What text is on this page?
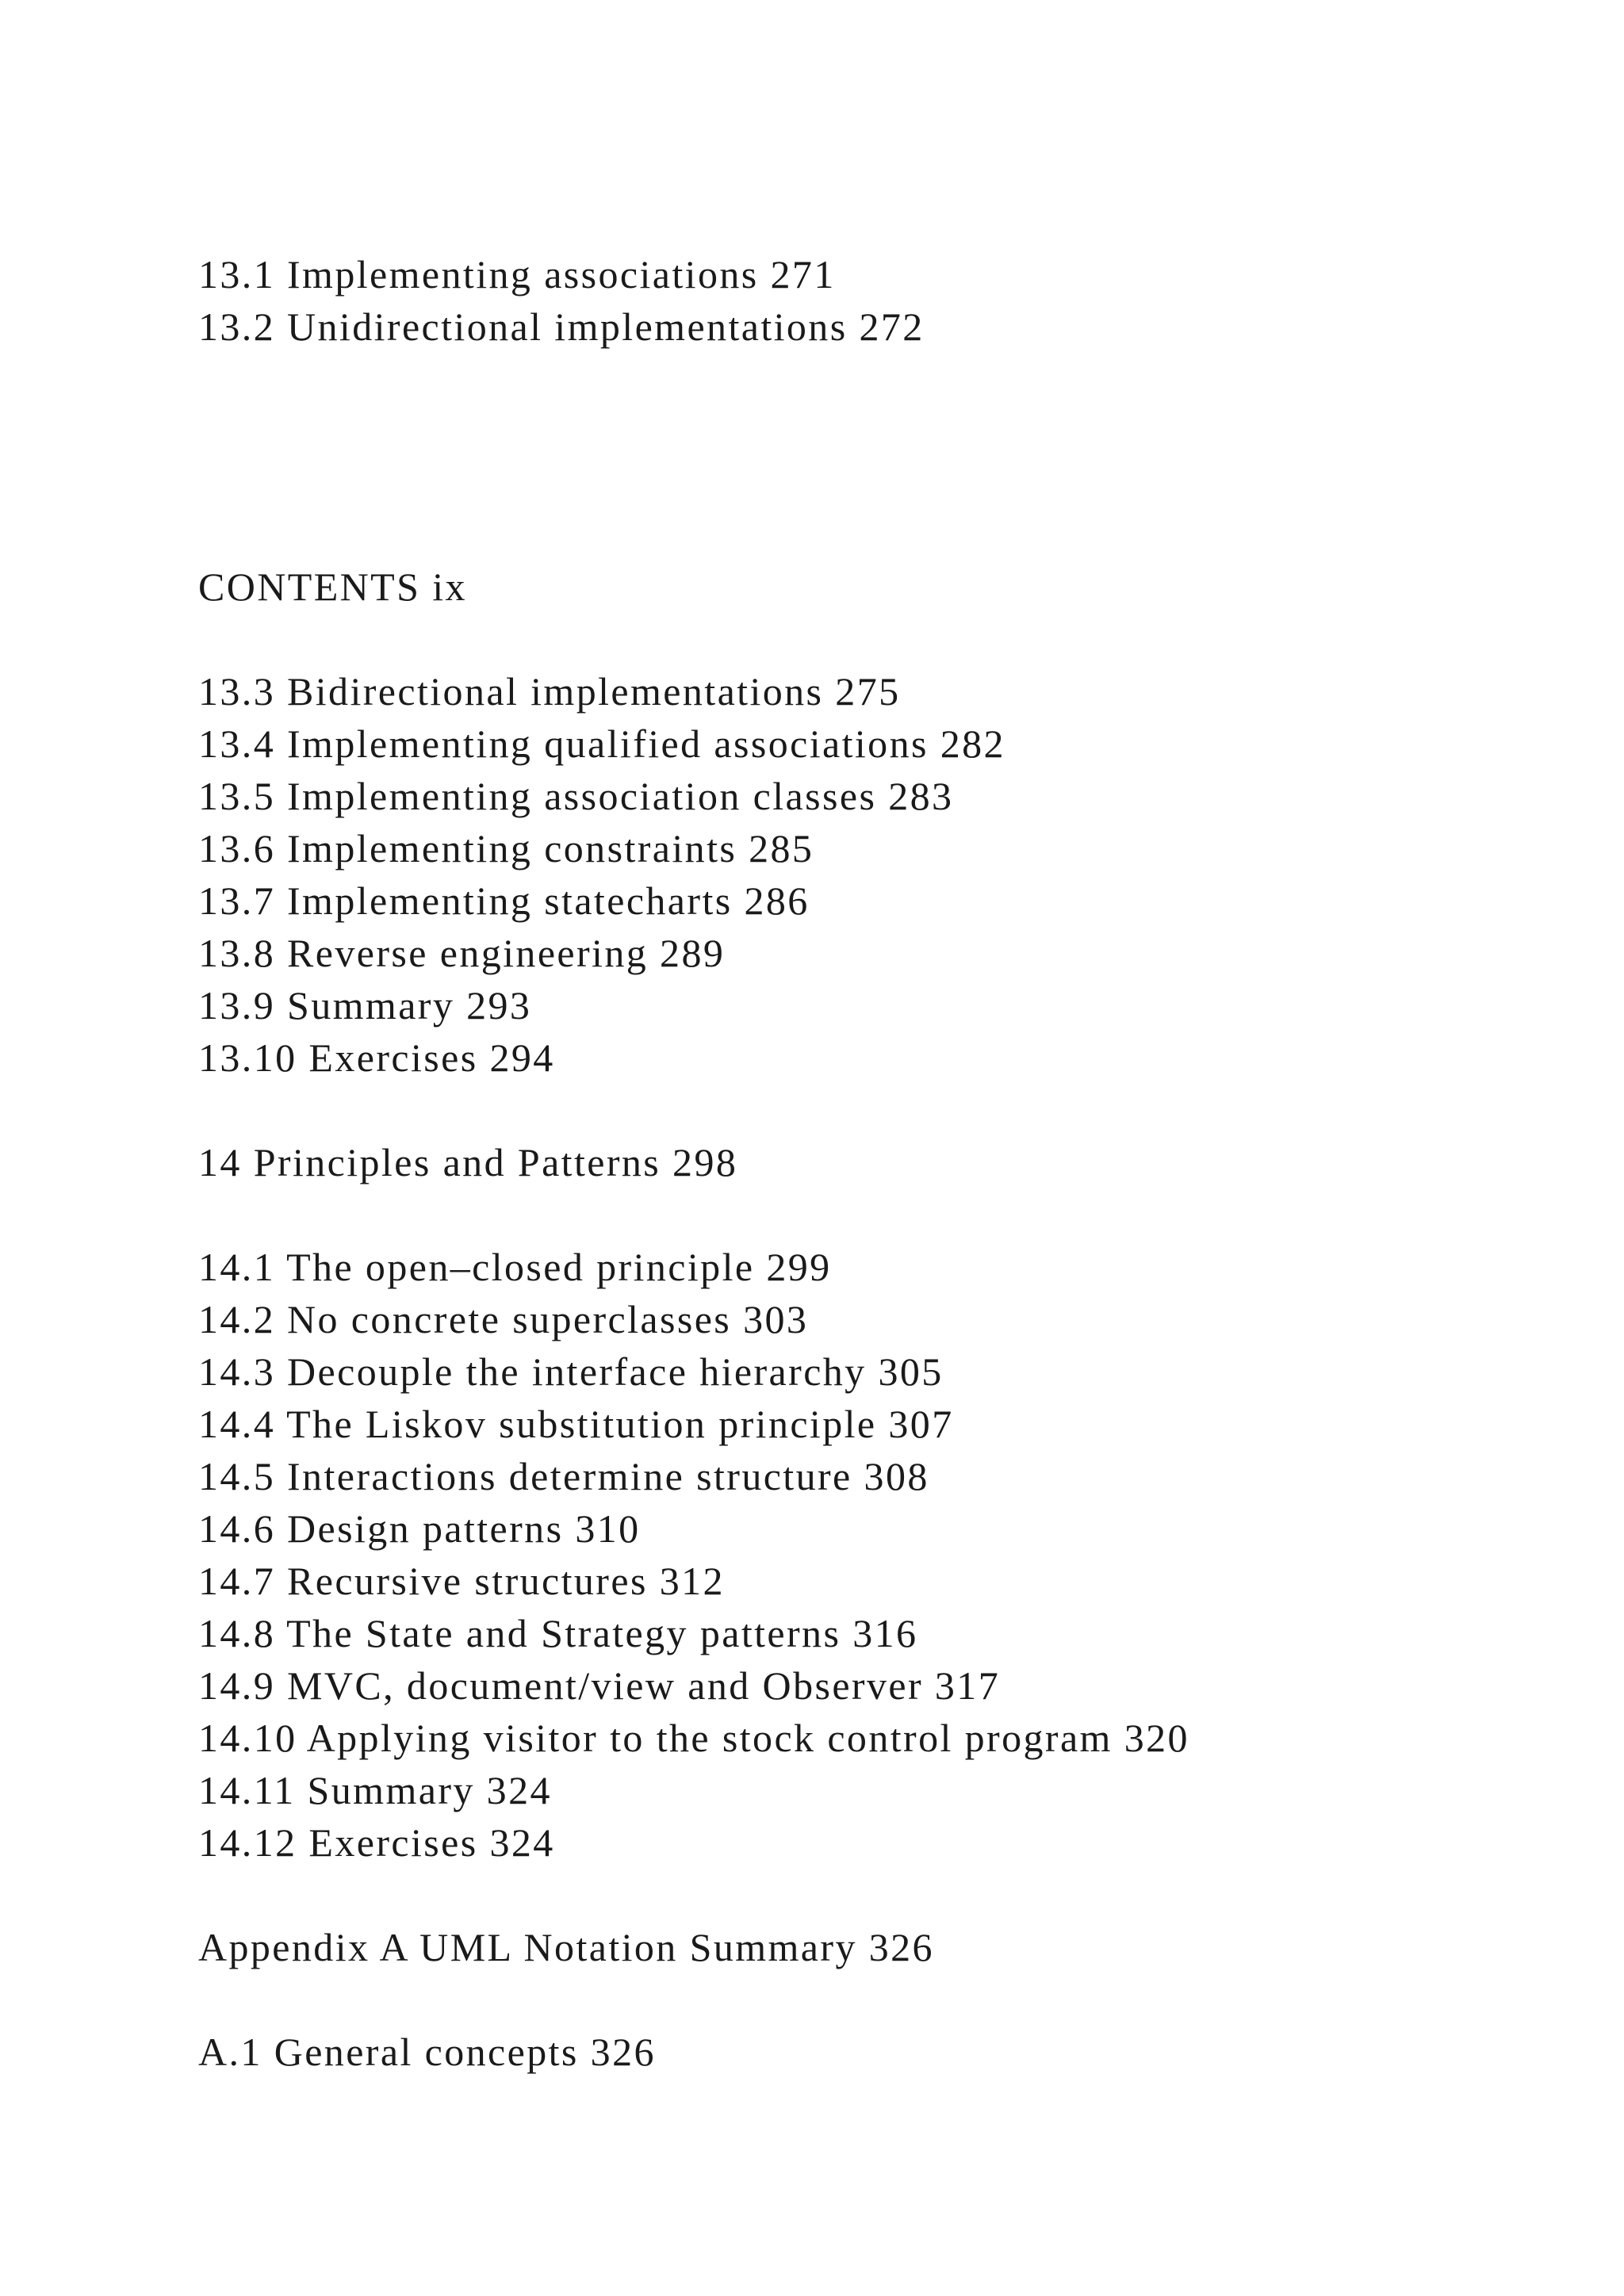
13.1 Implementing associations 271

13.2 Unidirectional implementations 272

CONTENTS ix

13.3 Bidirectional implementations 275

13.4 Implementing qualified associations 282

13.5 Implementing association classes 283

13.6 Implementing constraints 285

13.7 Implementing statecharts 286

13.8 Reverse engineering 289

13.9 Summary 293

13.10 Exercises 294

14 Principles and Patterns 298

14.1 The open–closed principle 299

14.2 No concrete superclasses 303

14.3 Decouple the interface hierarchy 305

14.4 The Liskov substitution principle 307

14.5 Interactions determine structure 308

14.6 Design patterns 310

14.7 Recursive structures 312

14.8 The State and Strategy patterns 316

14.9 MVC, document/view and Observer 317

14.10 Applying visitor to the stock control program 320

14.11 Summary 324

14.12 Exercises 324

Appendix A UML Notation Summary 326

A.1 General concepts 326
